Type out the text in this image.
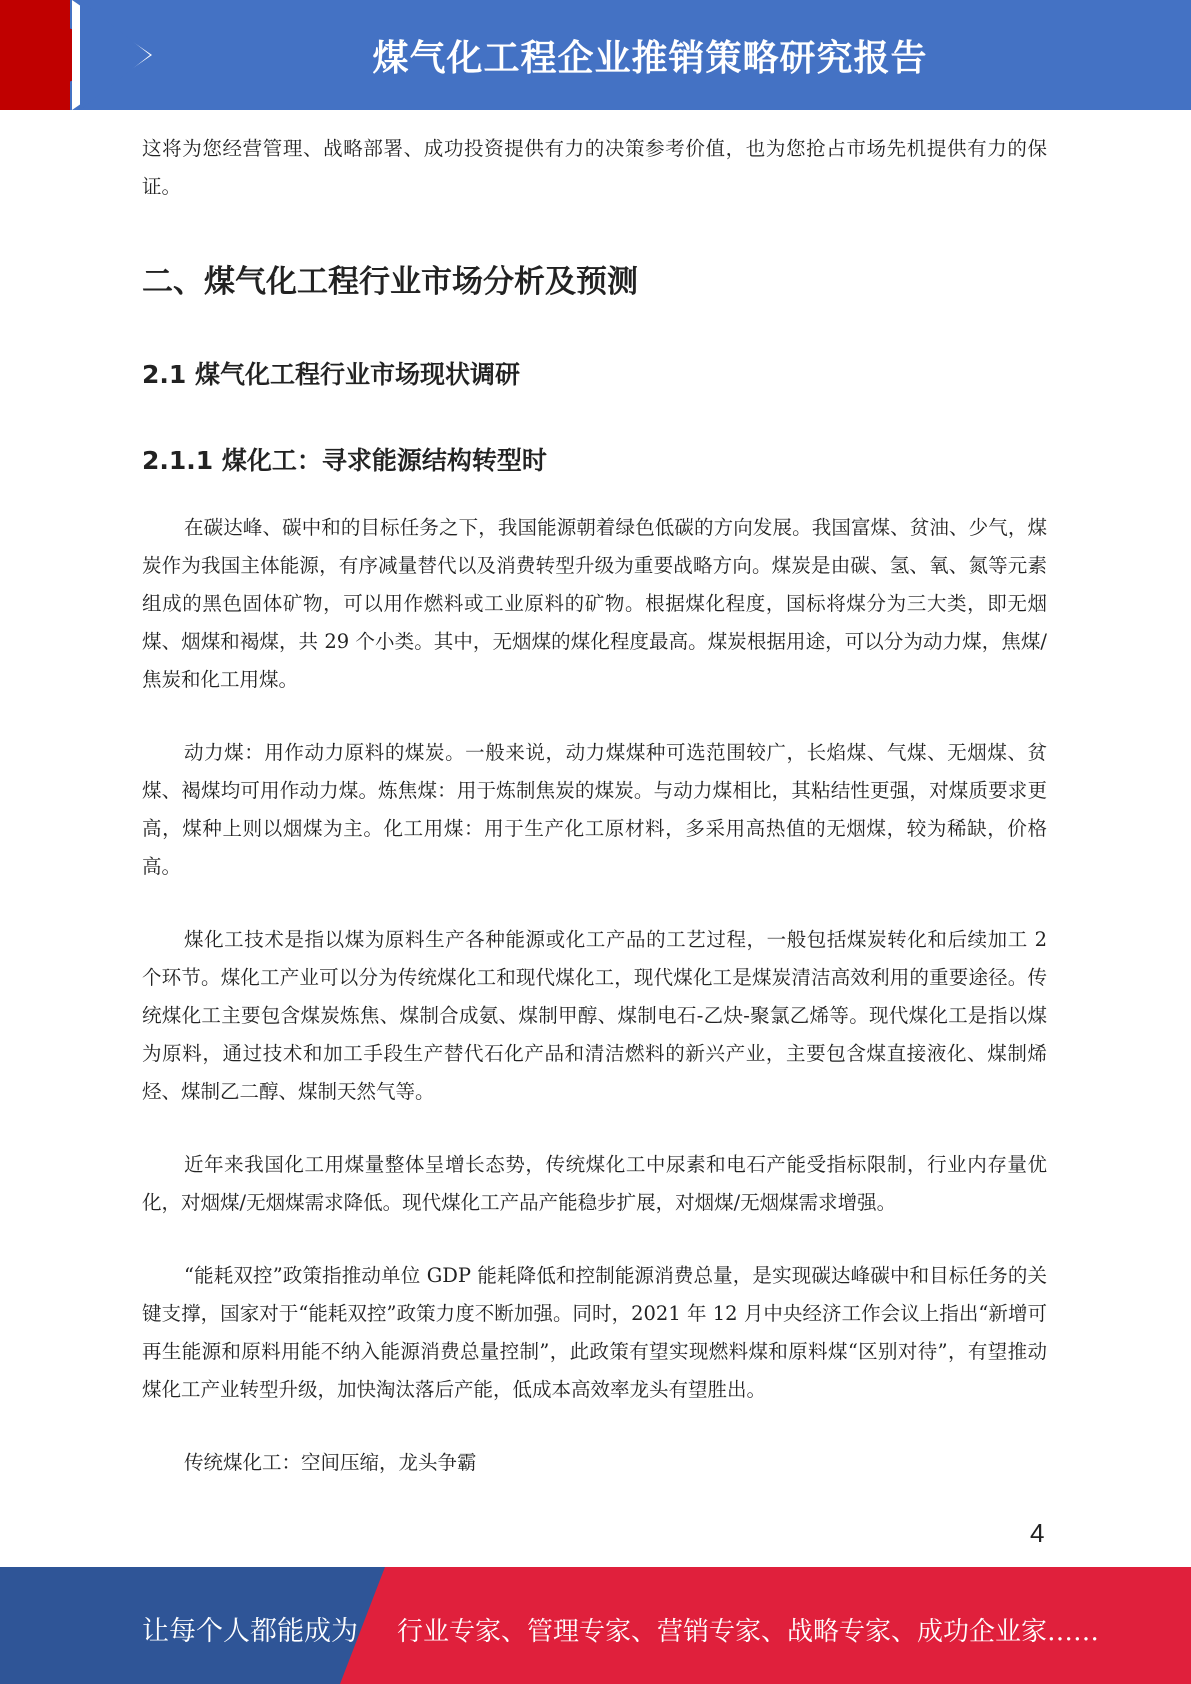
煤气化工程企业推销策略研究报告

这将为您经营管理、战略部署、成功投资提供有力的决策参考价值，也为您抢占市场先机提供有力的保证。

二、煤气化工程行业市场分析及预测
2.1 煤气化工程行业市场现状调研
2.1.1 煤化工：寻求能源结构转型时

在碳达峰、碳中和的目标任务之下，我国能源朝着绿色低碳的方向发展。我国富煤、贫油、少气，煤炭作为我国主体能源，有序减量替代以及消费转型升级为重要战略方向。煤炭是由碳、氢、氧、氮等元素组成的黑色固体矿物，可以用作燃料或工业原料的矿物。根据煤化程度，国标将煤分为三大类，即无烟煤、烟煤和褐煤，共 29 个小类。其中，无烟煤的煤化程度最高。煤炭根据用途，可以分为动力煤，焦煤/焦炭和化工用煤。

动力煤：用作动力原料的煤炭。一般来说，动力煤煤种可选范围较广，长焰煤、气煤、无烟煤、贫煤、褐煤均可用作动力煤。炼焦煤：用于炼制焦炭的煤炭。与动力煤相比，其粘结性更强，对煤质要求更高，煤种上则以烟煤为主。化工用煤：用于生产化工原材料，多采用高热值的无烟煤，较为稀缺，价格高。

煤化工技术是指以煤为原料生产各种能源或化工产品的工艺过程，一般包括煤炭转化和后续加工 2 个环节。煤化工产业可以分为传统煤化工和现代煤化工，现代煤化工是煤炭清洁高效利用的重要途径。传统煤化工主要包含煤炭炼焦、煤制合成氨、煤制甲醇、煤制电石-乙炔-聚氯乙烯等。现代煤化工是指以煤为原料，通过技术和加工手段生产替代石化产品和清洁燃料的新兴产业，主要包含煤直接液化、煤制烯烃、煤制乙二醇、煤制天然气等。

近年来我国化工用煤量整体呈增长态势，传统煤化工中尿素和电石产能受指标限制，行业内存量优化，对烟煤/无烟煤需求降低。现代煤化工产品产能稳步扩展，对烟煤/无烟煤需求增强。

“能耗双控”政策指推动单位 GDP 能耗降低和控制能源消费总量，是实现碳达峰碳中和目标任务的关键支撑，国家对于“能耗双控”政策力度不断加强。同时，2021 年 12 月中央经济工作会议上指出“新增可再生能源和原料用能不纳入能源消费总量控制”，此政策有望实现燃料煤和原料煤“区别对待”，有望推动煤化工产业转型升级，加快淘汰落后产能，低成本高效率龙头有望胜出。

传统煤化工：空间压缩，龙头争霸

4
让每个人都能成为 行业专家、管理专家、营销专家、战略专家、成功企业家……
